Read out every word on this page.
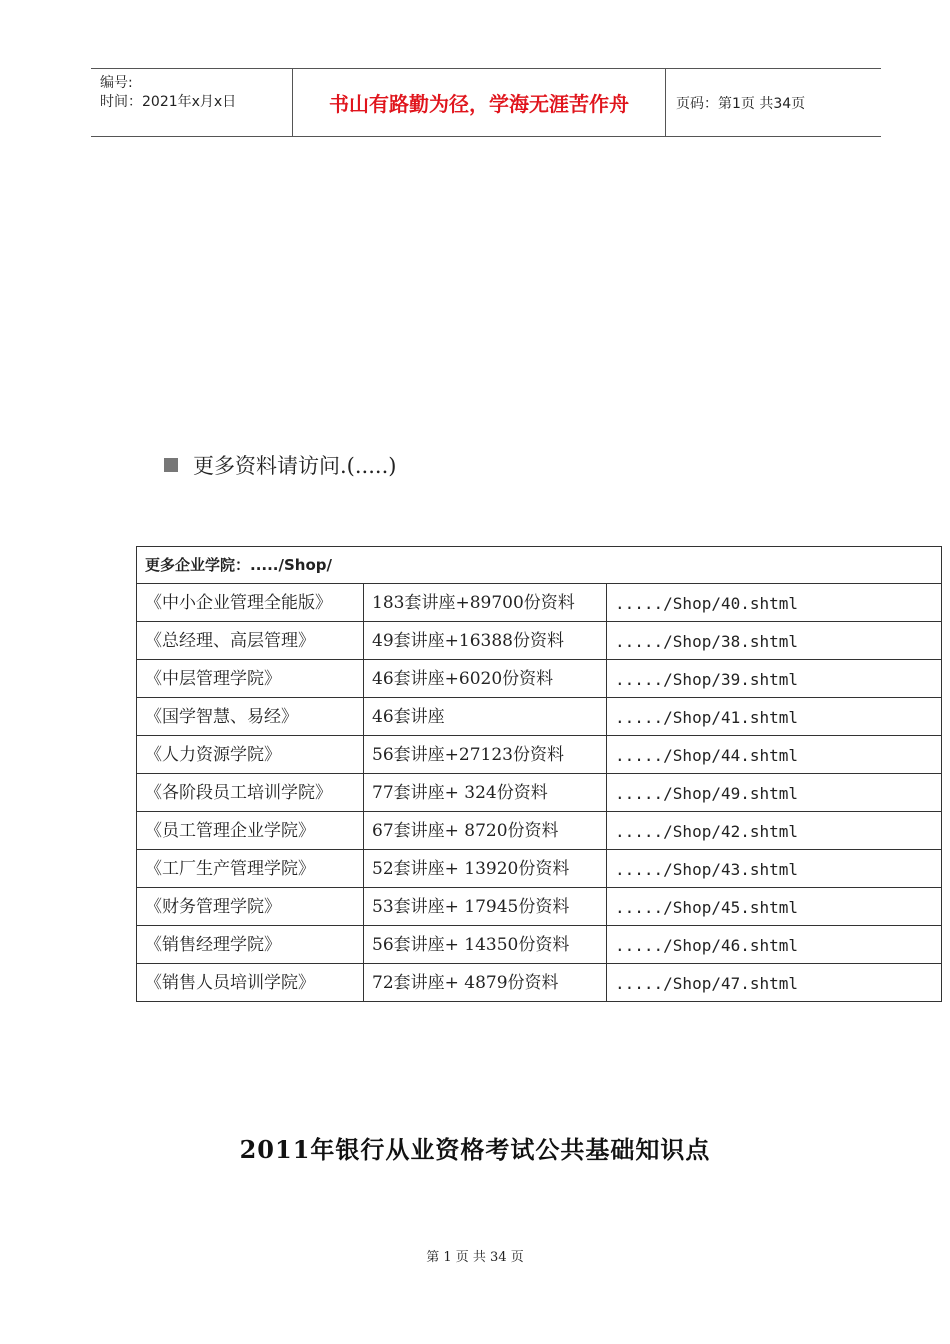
编号:
时间：2021年x月x日	书山有路勤为径，学海无涯苦作舟	页码：第1页 共34页
更多资料请访问.(.....)
更多企业学院：...../Shop/		
《中小企业管理全能版》	183套讲座+89700份资料	...../Shop/40.shtml
《总经理、高层管理》	49套讲座+16388份资料	...../Shop/38.shtml
《中层管理学院》	46套讲座+6020份资料	...../Shop/39.shtml
《国学智慧、易经》	46套讲座	...../Shop/41.shtml
《人力资源学院》	56套讲座+27123份资料	...../Shop/44.shtml
《各阶段员工培训学院》	77套讲座+ 324份资料	...../Shop/49.shtml
《员工管理企业学院》	67套讲座+ 8720份资料	...../Shop/42.shtml
《工厂生产管理学院》	52套讲座+ 13920份资料	...../Shop/43.shtml
《财务管理学院》	53套讲座+ 17945份资料	...../Shop/45.shtml
《销售经理学院》	56套讲座+ 14350份资料	...../Shop/46.shtml
《销售人员培训学院》	72套讲座+ 4879份资料	...../Shop/47.shtml
2011年银行从业资格考试公共基础知识点
第 1 页 共 34 页
